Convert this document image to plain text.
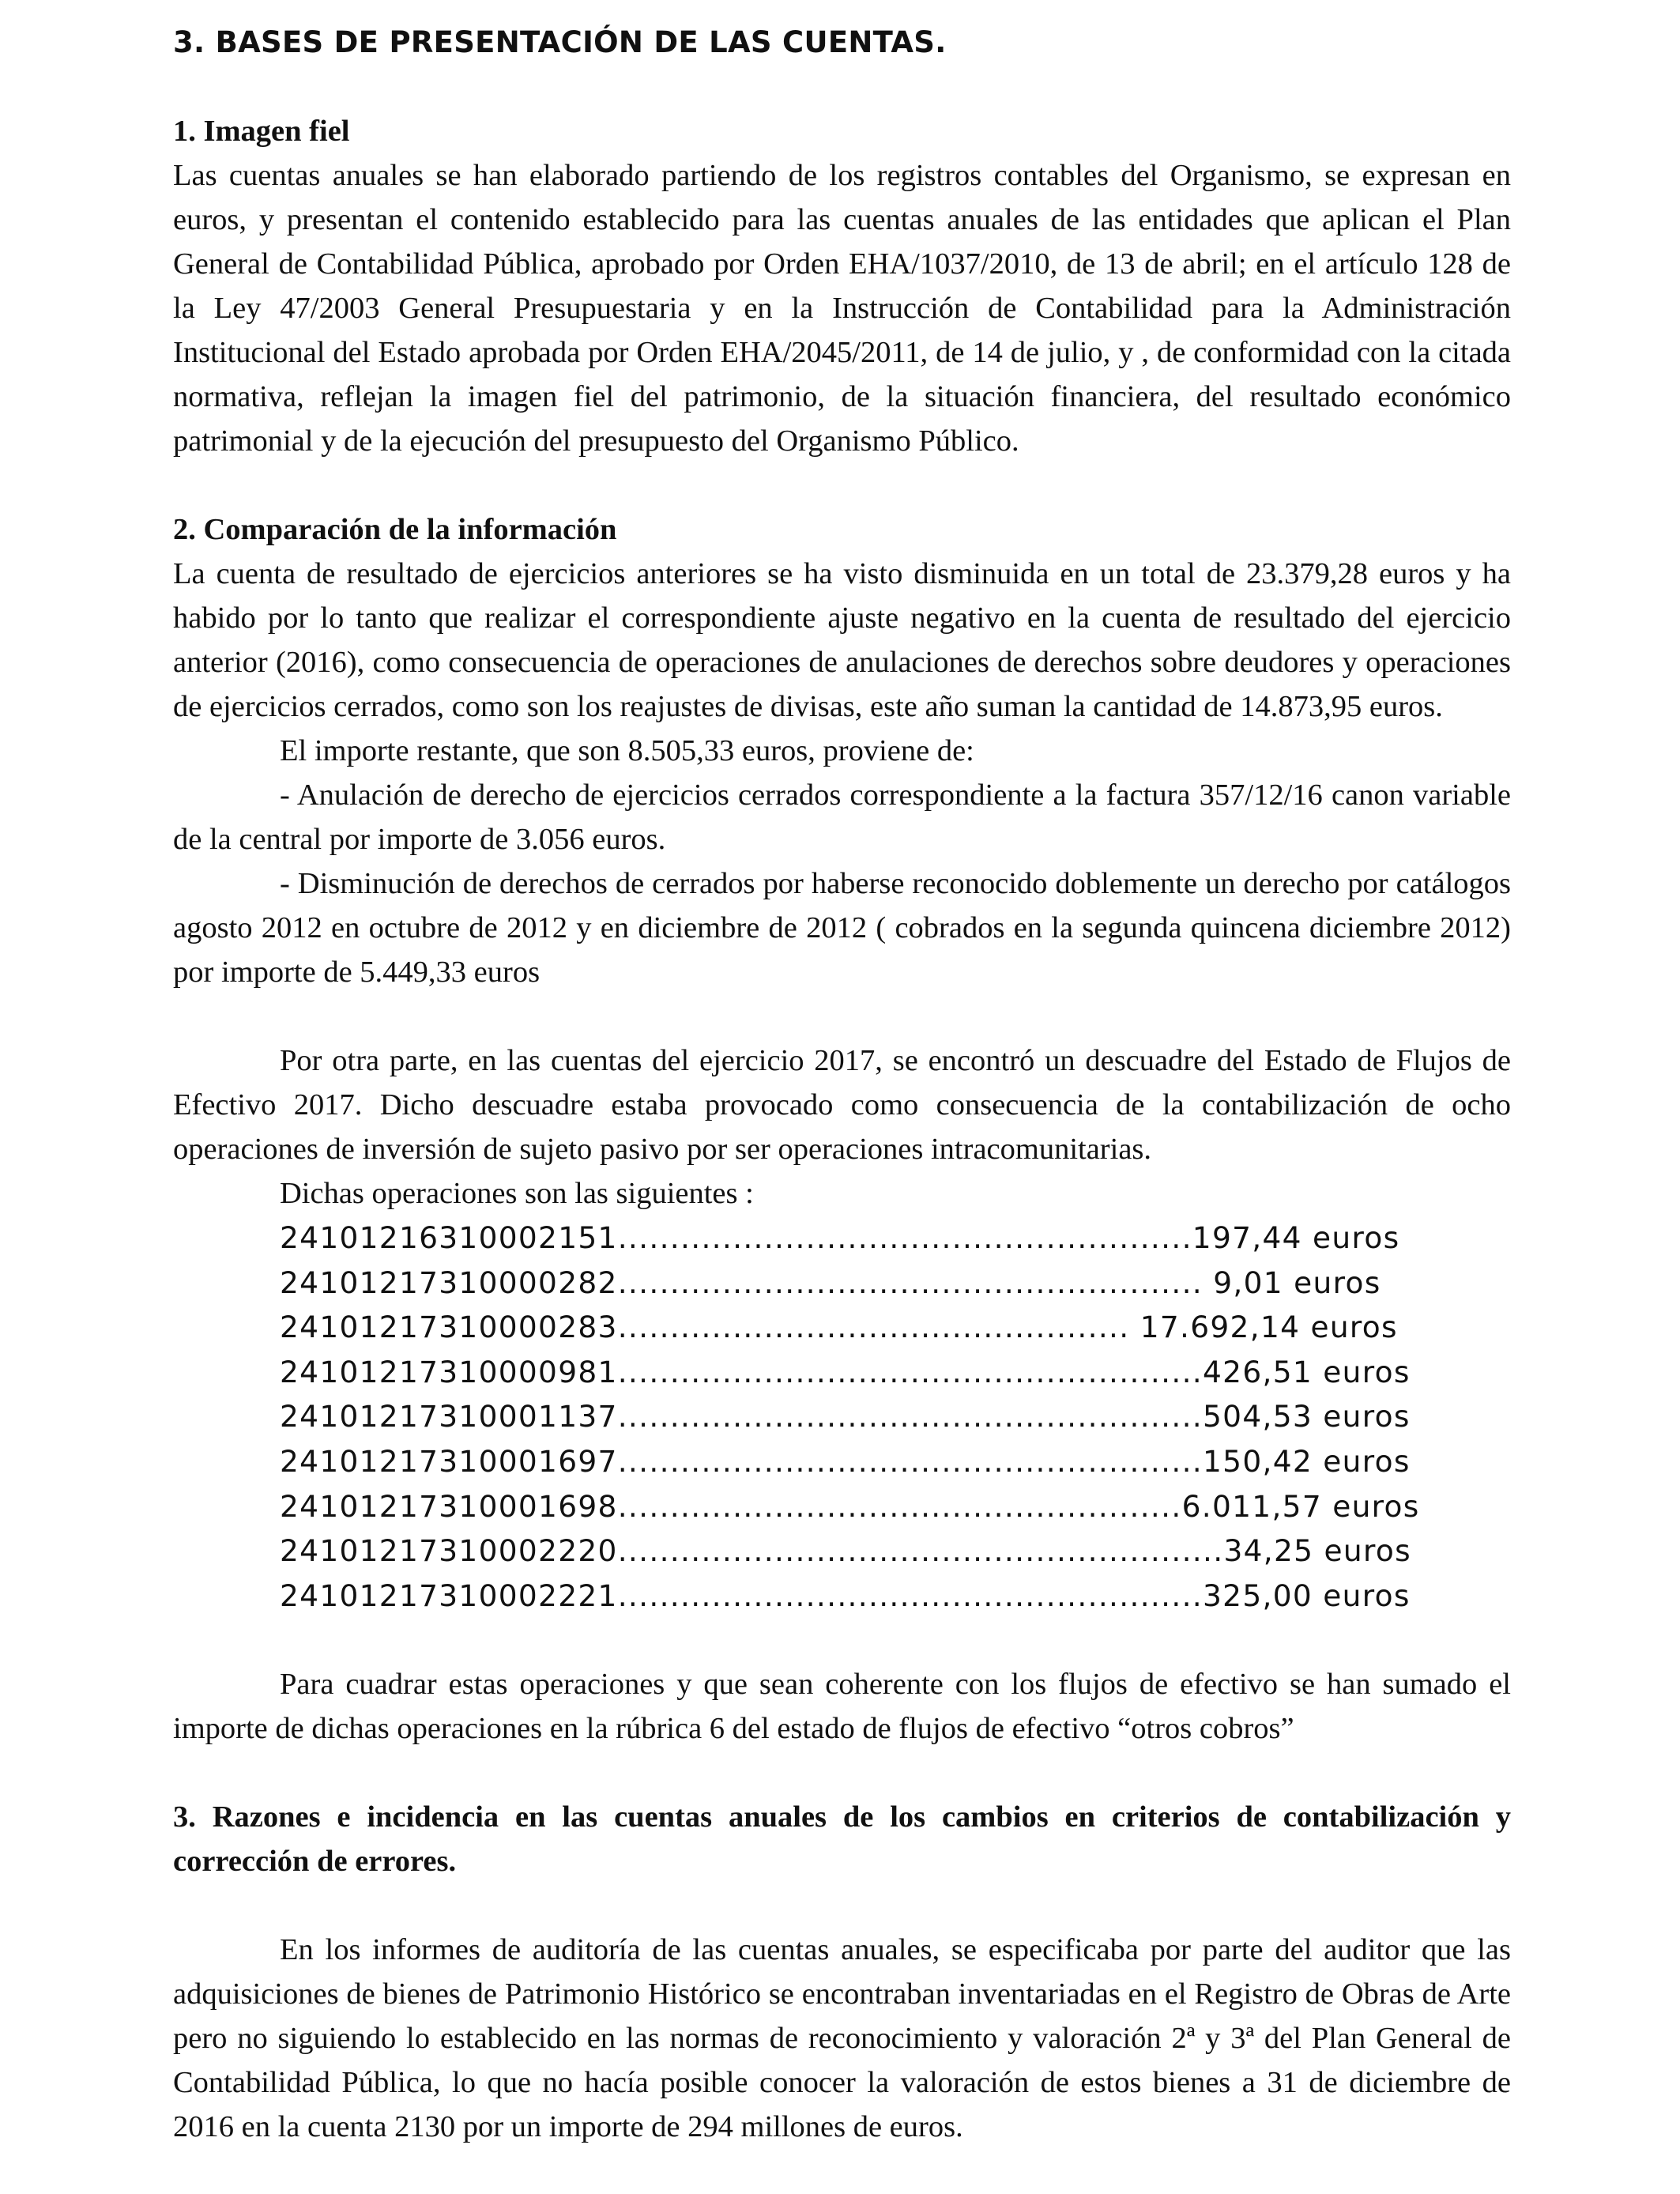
3. BASES DE PRESENTACIÓN DE LAS CUENTAS.
1. Imagen fiel

Las cuentas anuales se han elaborado partiendo de los registros contables del Organismo, se expresan en euros, y presentan el contenido establecido para las cuentas anuales de las entidades que aplican el Plan General de Contabilidad Pública, aprobado por Orden EHA/1037/2010, de 13 de abril; en el artículo 128 de la Ley 47/2003 General Presupuestaria y en la Instrucción de Contabilidad para la Administración Institucional del Estado aprobada por Orden EHA/2045/2011, de 14 de julio, y , de conformidad con la citada normativa, reflejan la imagen fiel del patrimonio, de la situación financiera, del resultado económico patrimonial y de la ejecución del presupuesto del Organismo Público.

2. Comparación de la información

La cuenta de resultado de ejercicios anteriores se ha visto disminuida en un total de 23.379,28 euros y ha habido por lo tanto que realizar el correspondiente ajuste negativo en la cuenta de resultado del ejercicio anterior (2016), como consecuencia de operaciones de anulaciones de derechos sobre deudores y operaciones de ejercicios cerrados, como son los reajustes de divisas, este año suman la cantidad de 14.873,95 euros.

El importe restante, que son 8.505,33 euros, proviene de:

- Anulación de derecho de ejercicios cerrados correspondiente a la factura 357/12/16 canon variable de la central por importe de 3.056 euros.

- Disminución de derechos de cerrados por haberse reconocido doblemente un derecho por catálogos agosto 2012 en octubre de 2012 y en diciembre de 2012 ( cobrados en la segunda quincena diciembre 2012) por importe de 5.449,33 euros

Por otra parte, en las cuentas del ejercicio 2017, se encontró un descuadre del Estado de Flujos de Efectivo 2017. Dicho descuadre estaba provocado como consecuencia de la contabilización de ocho operaciones de inversión de sujeto pasivo por ser operaciones intracomunitarias.

Dichas operaciones son las siguientes :

24101216310002151.......................................................197,44 euros
24101217310000282........................................................ 9,01 euros
24101217310000283................................................. 17.692,14 euros
24101217310000981........................................................426,51 euros
24101217310001137........................................................504,53 euros
24101217310001697........................................................150,42 euros
24101217310001698......................................................6.011,57 euros
24101217310002220..........................................................34,25 euros
24101217310002221........................................................325,00 euros

Para cuadrar estas operaciones y que sean coherente con los flujos de efectivo se han sumado el importe de dichas operaciones en la rúbrica 6 del estado de flujos de efectivo “otros cobros”

3. Razones e incidencia en las cuentas anuales de los cambios en criterios de contabilización y corrección de errores.

En los informes de auditoría de las cuentas anuales, se especificaba por parte del auditor que las adquisiciones de bienes de Patrimonio Histórico se encontraban inventariadas en el Registro de Obras de Arte pero no siguiendo lo establecido en las normas de reconocimiento y valoración 2ª y 3ª del Plan General de Contabilidad Pública, lo que no hacía posible conocer la valoración de estos bienes a 31 de diciembre de 2016 en la cuenta 2130 por un importe de 294 millones de euros.
